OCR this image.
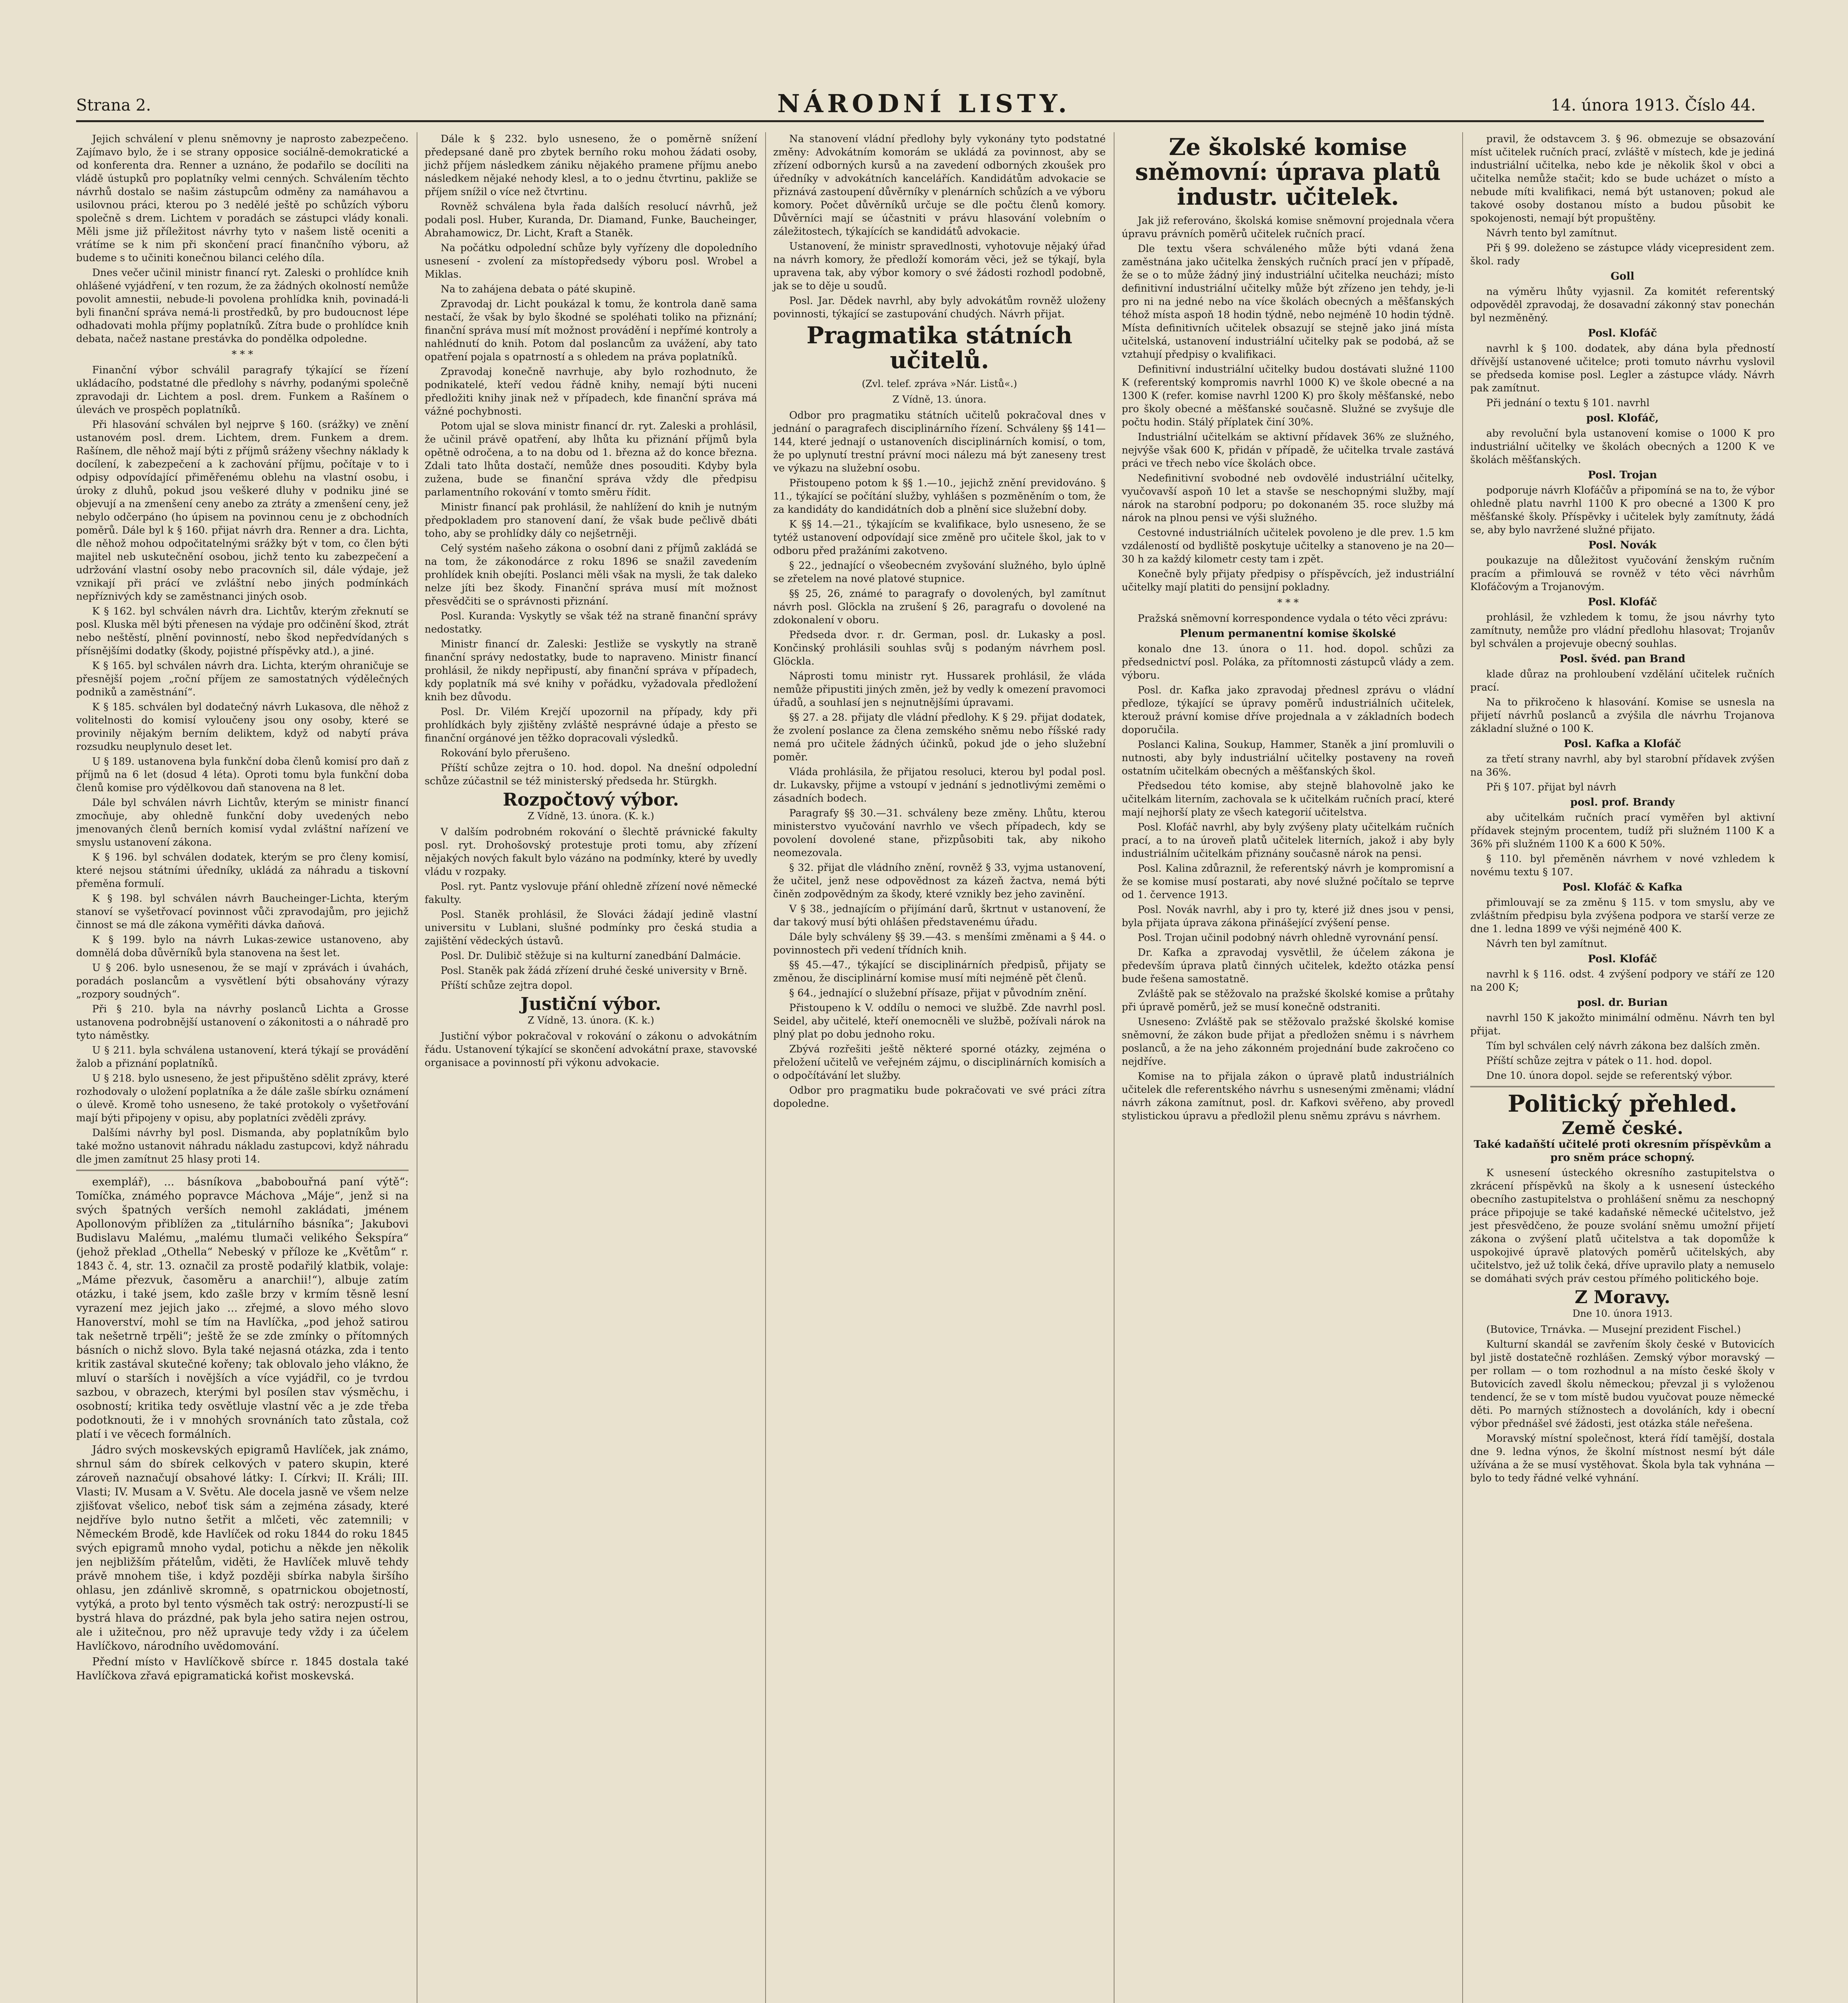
Strana 2.	NÁRODNÍ LISTY.	14. února 1913. Číslo 44.

Jejich schválení v plenu sněmovny je naprosto zabezpečeno. Zajímavo bylo, že i se strany opposice sociálně-demokratické a od konferenta dra. Renner a uznáno, že podařilo se docíliti na vládě ústupků pro poplatníky velmi cenných. Schválením těchto návrhů dostalo se našim zástupcům odměny za namáhavou a usilovnou práci, kterou po 3 nedělé ještě po schůzích výboru společně s drem. Lichtem v poradách se zástupci vlády konali. Měli jsme již příležitost návrhy tyto v našem listě oceniti a vrátíme se k nim při skončení prací finančního výboru, až budeme s to učiniti konečnou bilanci celého díla.

Dnes večer učinil ministr financí ryt. Zaleski o prohlídce knih ohlášené vyjádření, v ten rozum, že za žádných okolností nemůže povolit amnestii, nebude-li povolena prohlídka knih, povinadá-li byli finanční správa nemá-li prostředků, by pro budoucnost lépe odhadovati mohla příjmy poplatníků. Zítra bude o prohlídce knih debata, načež nastane prestávka do pondělka odpoledne.

* * *

Finanční výbor schválil paragrafy týkající se řízení ukládacího, podstatné dle předlohy s návrhy, podanými společně zpravodaji dr. Lichtem a posl. drem. Funkem a Rašínem o úlevách ve prospěch poplatníků.

Při hlasování schválen byl nejprve § 160. (srážky) ve znění ustanovém posl. drem. Lichtem, drem. Funkem a drem. Rašínem, dle něhož mají býti z příjmů sráženy všechny náklady k docílení, k zabezpečení a k zachování příjmu, počítaje v to i odpisy odpovídající přiměřenému oblehu na vlastní osobu, i úroky z dluhů, pokud jsou veškeré dluhy v podniku jiné se objevují a na zmenšení ceny anebo za ztráty a zmenšení ceny, jež nebylo odčerpáno (ho úpisem na povinnou cenu je z obchodních poměrů. Dále byl k § 160. přijat návrh dra. Renner a dra. Lichta, dle něhož mohou odpočitatelnými srážky být v tom, co člen býti majitel neb uskutečnění osobou, jichž tento ku zabezpečení a udržování vlastní osoby nebo pracovních sil, dále výdaje, jež vznikají při prácí ve zvláštní nebo jiných podmínkách nepříznivých kdy se zaměstnanci jiných osob.

K § 162. byl schválen návrh dra. Lichtův, kterým zřeknutí se posl. Kluska měl býti přenesen na výdaje pro odčinění škod, ztrát nebo neštěstí, plnění povinností, nebo škod nepředvídaných s přísnějšími dodatky (škody, pojistné příspěvky atd.), a jiné.

K § 165. byl schválen návrh dra. Lichta, kterým ohraničuje se přesnější pojem „roční příjem ze samostatných výdělečných podniků a zaměstnání“.

K § 185. schválen byl dodatečný návrh Lukasova, dle něhož z volitelnosti do komisí vyloučeny jsou ony osoby, které se provinily nějakým berním deliktem, když od nabytí práva rozsudku neuplynulo deset let.

U § 189. ustanovena byla funkční doba členů komisí pro daň z příjmů na 6 let (dosud 4 léta). Oproti tomu byla funkční doba členů komise pro výdělkovou daň stanovena na 8 let.

Dále byl schválen návrh Lichtův, kterým se ministr financí zmocňuje, aby ohledně funkční doby uvedených nebo jmenovaných členů berních komisí vydal zvláštní nařízení ve smyslu ustanovení zákona.

K § 196. byl schválen dodatek, kterým se pro členy komisí, které nejsou státními úředníky, ukládá za náhradu a tiskovní přeměna formulí.

K § 198. byl schválen návrh Baucheinger-Lichta, kterým stanoví se vyšetřovací povinnost vůči zpravodajům, pro jejichž činnost se má dle zákona vyměřiti dávka daňová.

K § 199. bylo na návrh Lukas-zewice ustanoveno, aby domnělá doba důvěrníků byla stanovena na šest let.

U § 206. bylo usnesenou, že se mají v zprávách i úvahách, poradách poslancům a vysvětlení býti obsahovány výrazy „rozpory soudných“.

Při § 210. byla na návrhy poslanců Lichta a Grosse ustanovena podrobnější ustanovení o zákonitosti a o náhradě pro tyto náměstky.

U § 211. byla schválena ustanovení, která týkají se provádění žalob a přiznání poplatníků.

U § 218. bylo usneseno, že jest připuštěno sdělit zprávy, které rozhodovaly o uložení poplatníka a že dále zašle sbírku oznámení o úlevě. Kromě toho usneseno, že také protokoly o vyšetřování mají býti připojeny v opisu, aby poplatníci zvěděli zprávy.

Dalšími návrhy byl posl. Dismanda, aby poplatníkům bylo také možno ustanovit náhradu nákladu zastupcovi, když náhradu dle jmen zamítnut 25 hlasy proti 14.

exemplář), ... básníkova „babobouřná paní výtě“: Tomíčka, známého popravce Máchova „Máje“, jenž si na svých špatných verších nemohl zakládati, jménem Apollonovým přiblížen za „titulárního básníka“; Jakubovi Budislavu Malému, „malému tlumači velikého Šekspíra“ (jehož překlad „Othella“ Nebeský v příloze ke „Květům“ r. 1843 č. 4, str. 13. označil za prostě podařilý klatbik, volaje: „Máme přezvuk, časoměru a anarchii!“), albuje zatím otázku, i také jsem, kdo zašle brzy v krmím těsně lesní vyrazení mez jejich jako ... zřejmé, a slovo mého slovo Hanoverství, mohl se tím na Havlíčka, „pod jehož satirou tak nešetrně trpěli“; ještě že se zde zmínky o přítomných básních o nichž slovo. Byla také nejasná otázka, zda i tento kritik zastával skutečné kořeny; tak oblovalo jeho vlákno, že mluví o starších i novějších a více vyjádřil, co je tvrdou sazbou, v obrazech, kterými byl posílen stav výsměchu, i osobností; kritika tedy osvětluje vlastní věc a je zde třeba podotknouti, že i v mnohých srovnáních tato zůstala, což platí i ve věcech formálních.

Jádro svých moskevských epigramů Havlíček, jak známo, shrnul sám do sbírek celkových v patero skupin, které zároveň naznačují obsahové látky: I. Církvi; II. Králi; III. Vlasti; IV. Musam a V. Světu. Ale docela jasně ve všem nelze zjišťovat všelico, neboť tisk sám a zejména zásady, které nejdříve bylo nutno šetřit a mlčeti, věc zatemnili; v Německém Brodě, kde Havlíček od roku 1844 do roku 1845 svých epigramů mnoho vydal, potichu a někde jen několik jen nejbližším přátelům, viděti, že Havlíček mluvě tehdy právě mnohem tiše, i když později sbírka nabyla širšího ohlasu, jen zdánlivě skromně, s opatrnickou obojetností, vytýká, a proto byl tento výsměch tak ostrý: nerozpustí-li se bystrá hlava do prázdné, pak byla jeho satira nejen ostrou, ale i užitečnou, pro něž upravuje tedy vždy i za účelem Havlíčkovo, národního uvědomování.

Přední místo v Havlíčkově sbírce r. 1845 dostala také Havlíčkova zřavá epigramatická kořist moskevská.

Dále k § 232. bylo usneseno, že o poměrně snížení předepsané daně pro zbytek berního roku mohou žádati osoby, jichž příjem následkem zániku nějakého pramene příjmu anebo následkem nějaké nehody klesl, a to o jednu čtvrtinu, pakliže se příjem snížil o více než čtvrtinu.

Rovněž schválena byla řada dalších resolucí návrhů, jež podali posl. Huber, Kuranda, Dr. Diamand, Funke, Baucheinger, Abrahamowicz, Dr. Licht, Kraft a Staněk.

Na počátku odpolední schůze byly vyřízeny dle dopoledního usnesení - zvolení za místopředsedy výboru posl. Wrobel a Miklas.

Na to zahájena debata o páté skupině.

Zpravodaj dr. Licht poukázal k tomu, že kontrola daně sama nestačí, že však by bylo škodné se spoléhati toliko na přiznání; finanční správa musí mít možnost provádění i nepřímé kontroly a nahlédnutí do knih. Potom dal poslancům za uvážení, aby tato opatření pojala s opatrností a s ohledem na práva poplatníků.

Zpravodaj konečně navrhuje, aby bylo rozhodnuto, že podnikatelé, kteří vedou řádně knihy, nemají býti nuceni předložiti knihy jinak než v případech, kde finanční správa má vážné pochybnosti.

Potom ujal se slova ministr financí dr. ryt. Zaleski a prohlásil, že učinil právě opatření, aby lhůta ku přiznání příjmů byla opětně odročena, a to na dobu od 1. března až do konce března. Zdali tato lhůta dostačí, nemůže dnes posouditi. Kdyby byla zužena, bude se finanční správa vždy dle předpisu parlamentního rokování v tomto směru řídit.

Ministr financí pak prohlásil, že nahlížení do knih je nutným předpokladem pro stanovení daní, že však bude pečlivě dbáti toho, aby se prohlídky dály co nejšetrněji.

Celý systém našeho zákona o osobní dani z příjmů zakládá se na tom, že zákonodárce z roku 1896 se snažil zavedením prohlídek knih obejíti. Poslanci měli však na mysli, že tak daleko nelze jíti bez škody. Finanční správa musí mít možnost přesvědčiti se o správnosti přiznání.

Posl. Kuranda: Vyskytly se však též na straně finanční správy nedostatky.

Ministr financí dr. Zaleski: Jestliže se vyskytly na straně finanční správy nedostatky, bude to napraveno. Ministr financí prohlásil, že nikdy nepřipustí, aby finanční správa v případech, kdy poplatník má své knihy v pořádku, vyžadovala předložení knih bez důvodu.

Posl. Dr. Vilém Krejčí upozornil na případy, kdy při prohlídkách byly zjištěny zvláště nesprávné údaje a přesto se finanční orgánové jen těžko dopracovali výsledků.

Rokování bylo přerušeno.

Příští schůze zejtra o 10. hod. dopol. Na dnešní odpolední schůze zúčastnil se též ministerský předseda hr. Stürgkh.

Rozpočtový výbor.
Z Vídně, 13. února. (K. k.)

V dalším podrobném rokování o šlechtě právnické fakulty posl. ryt. Drohošovský protestuje proti tomu, aby zřízení nějakých nových fakult bylo vázáno na podmínky, které by uvedly vládu v rozpaky.

Posl. ryt. Pantz vyslovuje přání ohledně zřízení nové německé fakulty.

Posl. Staněk prohlásil, že Slováci žádají jedině vlastní universitu v Lublani, slušné podmínky pro česká studia a zajištění vědeckých ústavů.

Posl. Dr. Dulibič stěžuje si na kulturní zanedbání Dalmácie.

Posl. Staněk pak žádá zřízení druhé české university v Brně.

Příští schůze zejtra dopol.

Justiční výbor.
Z Vídně, 13. února. (K. k.)

Justiční výbor pokračoval v rokování o zákonu o advokátním řádu. Ustanovení týkající se skončení advokátní praxe, stavovské organisace a povinností při výkonu advokacie.

Na stanovení vládní předlohy byly vykonány tyto podstatné změny: Advokátním komorám se ukládá za povinnost, aby se zřízení odborných kursů a na zavedení odborných zkoušek pro úředníky v advokátních kancelářích. Kandidátům advokacie se přiznává zastoupení důvěrníky v plenárních schůzích a ve výboru komory. Počet důvěrníků určuje se dle počtu členů komory. Důvěrníci mají se účastniti v právu hlasování volebním o záležitostech, týkajících se kandidátů advokacie.

Ustanovení, že ministr spravedlnosti, vyhotovuje nějaký úřad na návrh komory, že předloží komorám věci, jež se týkají, byla upravena tak, aby výbor komory o své žádosti rozhodl podobně, jak se to děje u soudů.

Posl. Jar. Dědek navrhl, aby byly advokátům rovněž uloženy povinnosti, týkající se zastupování chudých. Návrh přijat.

Pragmatika státních učitelů.
(Zvl. telef. zpráva »Nár. Listů«.)
Z Vídně, 13. února.

Odbor pro pragmatiku státních učitelů pokračoval dnes v jednání o paragrafech disciplinárního řízení. Schváleny §§ 141—144, které jednají o ustanoveních disciplinárních komisí, o tom, že po uplynutí trestní právní moci nálezu má být zaneseny trest ve výkazu na služební osobu.

Přistoupeno potom k §§ 1.—10., jejichž znění previdováno. § 11., týkající se počítání služby, vyhlášen s pozměněním o tom, že za kandidáty do kandidátních dob a plnění sice služební doby.

K §§ 14.—21., týkajícím se kvalifikace, bylo usneseno, že se tytéž ustanovení odpovídají sice změně pro učitele škol, jak to v odboru před pražáními zakotveno.

§ 22., jednající o všeobecném zvyšování služného, bylo úplně se zřetelem na nové platové stupnice.

§§ 25, 26, známé to paragrafy o dovolených, byl zamítnut návrh posl. Glöckla na zrušení § 26, paragrafu o dovolené na zdokonalení v oboru.

Předseda dvor. r. dr. German, posl. dr. Lukasky a posl. Končinský prohlásili souhlas svůj s podaným návrhem posl. Glöckla.

Náprosti tomu ministr ryt. Hussarek prohlásil, že vláda nemůže připustiti jiných změn, jež by vedly k omezení pravomoci úřadů, a souhlasí jen s nejnutnějšími úpravami.

§§ 27. a 28. přijaty dle vládní předlohy. K § 29. přijat dodatek, že zvolení poslance za člena zemského sněmu nebo říšské rady nemá pro učitele žádných účinků, pokud jde o jeho služební poměr.

Vláda prohlásila, že přijatou resoluci, kterou byl podal posl. dr. Lukavsky, přijme a vstoupí v jednání s jednotlivými zeměmi o zásadních bodech.

Paragrafy §§ 30.—31. schváleny beze změny. Lhůtu, kterou ministerstvo vyučování navrhlo ve všech případech, kdy se povolení dovolené stane, přizpůsobiti tak, aby nikoho neomezovala.

§ 32. přijat dle vládního znění, rovněž § 33, vyjma ustanovení, že učitel, jenž nese odpovědnost za kázeň žactva, nemá býti činěn zodpovědným za škody, které vznikly bez jeho zavinění.

V § 38., jednajícím o přijímání darů, škrtnut v ustanovení, že dar takový musí býti ohlášen představenému úřadu.

Dále byly schváleny §§ 39.—43. s menšími změnami a § 44. o povinnostech při vedení třídních knih.

§§ 45.—47., týkající se disciplinárních předpisů, přijaty se změnou, že disciplinární komise musí míti nejméně pět členů.

§ 64., jednající o služební přísaze, přijat v původním znění.

Přistoupeno k V. oddílu o nemoci ve službě. Zde navrhl posl. Seidel, aby učitelé, kteří onemocněli ve službě, požívali nárok na plný plat po dobu jednoho roku.

Zbývá rozřešiti ještě některé sporné otázky, zejména o přeložení učitelů ve veřejném zájmu, o disciplinárních komisích a o odpočítávání let služby.

Odbor pro pragmatiku bude pokračovati ve své práci zítra dopoledne.

Ze školské komise sněmovní: úprava platů industr. učitelek.

Jak již referováno, školská komise sněmovní projednala včera úpravu právních poměrů učitelek ručních prací.

Dle textu všera schváleného může býti vdaná žena zaměstnána jako učitelka ženských ručních prací jen v případě, že se o to může žádný jiný industriální učitelka neucházi; místo definitivní industriální učitelky může být zřízeno jen tehdy, je-li pro ni na jedné nebo na více školách obecných a měšťanských téhož místa aspoň 18 hodin týdně, nebo nejméně 10 hodin týdně. Místa definitivních učitelek obsazují se stejně jako jiná místa učitelská, ustanovení industriální učitelky pak se podobá, až se vztahují předpisy o kvalifikaci.

Definitivní industriální učitelky budou dostávati služné 1100 K (referentský kompromis navrhl 1000 K) ve škole obecné a na 1300 K (refer. komise navrhl 1200 K) pro školy měšťanské, nebo pro školy obecné a měšťanské současně. Služné se zvyšuje dle počtu hodin. Stálý příplatek činí 30%.

Industriální učitelkám se aktivní přídavek 36% ze služného, nejvýše však 600 K, přidán v případě, že učitelka trvale zastává práci ve třech nebo více školách obce.

Nedefinitivní svobodné neb ovdovělé industriální učitelky, vyučovavší aspoň 10 let a stavše se neschopnými služby, mají nárok na starobní podporu; po dokonaném 35. roce služby má nárok na plnou pensi ve výši služného.

Cestovné industriálních učitelek povoleno je dle prev. 1.5 km vzdáleností od bydliště poskytuje učitelky a stanoveno je na 20—30 h za každý kilometr cesty tam i zpět.

Konečně byly přijaty předpisy o příspěvcích, jež industriální učitelky mají platiti do pensijní pokladny.

* * *

Pražská sněmovní korrespondence vydala o této věci zprávu:

Plenum permanentní komise školské

konalo dne 13. února o 11. hod. dopol. schůzi za předsednictví posl. Poláka, za přítomnosti zástupců vlády a zem. výboru.

Posl. dr. Kafka jako zpravodaj přednesl zprávu o vládní předloze, týkající se úpravy poměrů industriálních učitelek, kterouž právní komise dříve projednala a v základních bodech doporučila.

Poslanci Kalina, Soukup, Hammer, Staněk a jiní promluvili o nutnosti, aby byly industriální učitelky postaveny na roveň ostatním učitelkám obecných a měšťanských škol.

Předsedou této komise, aby stejně blahovolně jako ke učitelkám literním, zachovala se k učitelkám ručních prací, které mají nejhorší platy ze všech kategorií učitelstva.

Posl. Klofáč navrhl, aby byly zvýšeny platy učitelkám ručních prací, a to na úroveň platů učitelek literních, jakož i aby byly industriálním učitelkám přiznány současně nárok na pensi.

Posl. Kalina zdůraznil, že referentský návrh je kompromisní a že se komise musí postarati, aby nové služné počítalo se teprve od 1. července 1913.

Posl. Novák navrhl, aby i pro ty, které již dnes jsou v pensi, byla přijata úprava zákona přinášející zvýšení pense.

Posl. Trojan učinil podobný návrh ohledně vyrovnání pensí.

Dr. Kafka a zpravodaj vysvětlil, že účelem zákona je především úprava platů činných učitelek, kdežto otázka pensí bude řešena samostatně.

Zvláště pak se stěžovalo na pražské školské komise a průtahy při úpravě poměrů, jež se musí konečně odstraniti.

Usneseno: Zvláště pak se stěžovalo pražské školské komise sněmovní, že zákon bude přijat a předložen sněmu i s návrhem poslanců, a že na jeho zákonném projednání bude zakročeno co nejdříve.

Komise na to přijala zákon o úpravě platů industriálních učitelek dle referentského návrhu s usnesenými změnami; vládní návrh zákona zamítnut, posl. dr. Kafkovi svěřeno, aby provedl stylistickou úpravu a předložil plenu sněmu zprávu s návrhem.

pravil, že odstavcem 3. § 96. obmezuje se obsazování míst učitelek ručních prací, zvláště v místech, kde je jediná industriální učitelka, nebo kde je několik škol v obci a učitelka nemůže stačit; kdo se bude ucházet o místo a nebude míti kvalifikaci, nemá být ustanoven; pokud ale takové osoby dostanou místo a budou působit ke spokojenosti, nemají být propuštěny.

Návrh tento byl zamítnut.

Při § 99. doleženo se zástupce vlády vicepresident zem. škol. rady

Goll

na výměru lhůty vyjasnil. Za komitét referentský odpověděl zpravodaj, že dosavadní zákonný stav ponechán byl nezměněný.

Posl. Klofáč

navrhl k § 100. dodatek, aby dána byla předností dřívější ustanovené učitelce; proti tomuto návrhu vyslovil se předseda komise posl. Legler a zástupce vlády. Návrh pak zamítnut.

Při jednání o textu § 101. navrhl

posl. Klofáč,

aby revoluční byla ustanovení komise o 1000 K pro industriální učitelky ve školách obecných a 1200 K ve školách měšťanských.

Posl. Trojan

podporuje návrh Klofáčův a připomíná se na to, že výbor ohledně platu navrhl 1100 K pro obecné a 1300 K pro měšťanské školy. Příspěvky i učitelek byly zamítnuty, žádá se, aby bylo navržené služné přijato.

Posl. Novák

poukazuje na důležitost vyučování ženským ručním pracím a přimlouvá se rovněž v této věci návrhům Klofáčovým a Trojanovým.

Posl. Klofáč

prohlásil, že vzhledem k tomu, že jsou návrhy tyto zamítnuty, nemůže pro vládní předlohu hlasovat; Trojanův byl schválen a projevuje obecný souhlas.

Posl. švéd. pan Brand

klade důraz na prohloubení vzdělání učitelek ručních prací.

Na to přikročeno k hlasování. Komise se usnesla na přijetí návrhů poslanců a zvýšila dle návrhu Trojanova základní služné o 100 K.

Posl. Kafka a Klofáč

za třetí strany navrhl, aby byl starobní přídavek zvýšen na 36%.

Při § 107. přijat byl návrh

posl. prof. Brandy

aby učitelkám ručních prací vyměřen byl aktivní přídavek stejným procentem, tudíž při služném 1100 K a 36% při služném 1100 K a 600 K 50%.

§ 110. byl přeměněn návrhem v nové vzhledem k novému textu § 107.

Posl. Klofáč & Kafka

přimlouvají se za změnu § 115. v tom smyslu, aby ve zvláštním předpisu byla zvýšena podpora ve starší verze ze dne 1. ledna 1899 ve výši nejméně 400 K.

Návrh ten byl zamítnut.

Posl. Klofáč

navrhl k § 116. odst. 4 zvýšení podpory ve stáří ze 120 na 200 K;

posl. dr. Burian

navrhl 150 K jakožto minimální odměnu. Návrh ten byl přijat.

Tím byl schválen celý návrh zákona bez dalších změn.

Příští schůze zejtra v pátek o 11. hod. dopol.

Dne 10. února dopol. sejde se referentský výbor.

Politický přehled.
Země české.
Také kadaňští učitelé proti okresním příspěvkům a pro sněm práce schopný.

K usnesení ústeckého okresního zastupitelstva o zkrácení příspěvků na školy a k usnesení ústeckého obecního zastupitelstva o prohlášení sněmu za neschopný práce připojuje se také kadaňské německé učitelstvo, jež jest přesvědčeno, že pouze svolání sněmu umožní přijetí zákona o zvýšení platů učitelstva a tak dopomůže k uspokojivé úpravě platových poměrů učitelských, aby učitelstvo, jež už tolik čeká, dříve upravilo platy a nemuselo se domáhati svých práv cestou přímého politického boje.

Z Moravy.
Dne 10. února 1913.

(Butovice, Trnávka. — Musejní prezident Fischel.)

Kulturní skandál se zavřením školy české v Butovicích byl jistě dostatečně rozhlášen. Zemský výbor moravský — per rollam — o tom rozhodnul a na místo české školy v Butovicích zavedl školu německou; převzal ji s vyloženou tendencí, že se v tom místě budou vyučovat pouze německé děti. Po marných stížnostech a dovoláních, kdy i obecní výbor přednášel své žádosti, jest otázka stále neřešena.

Moravský místní společnost, která řídí tamější, dostala dne 9. ledna výnos, že školní místnost nesmí být dále užívána a že se musí vystěhovat. Škola byla tak vyhnána — bylo to tedy řádné velké vyhnání.
